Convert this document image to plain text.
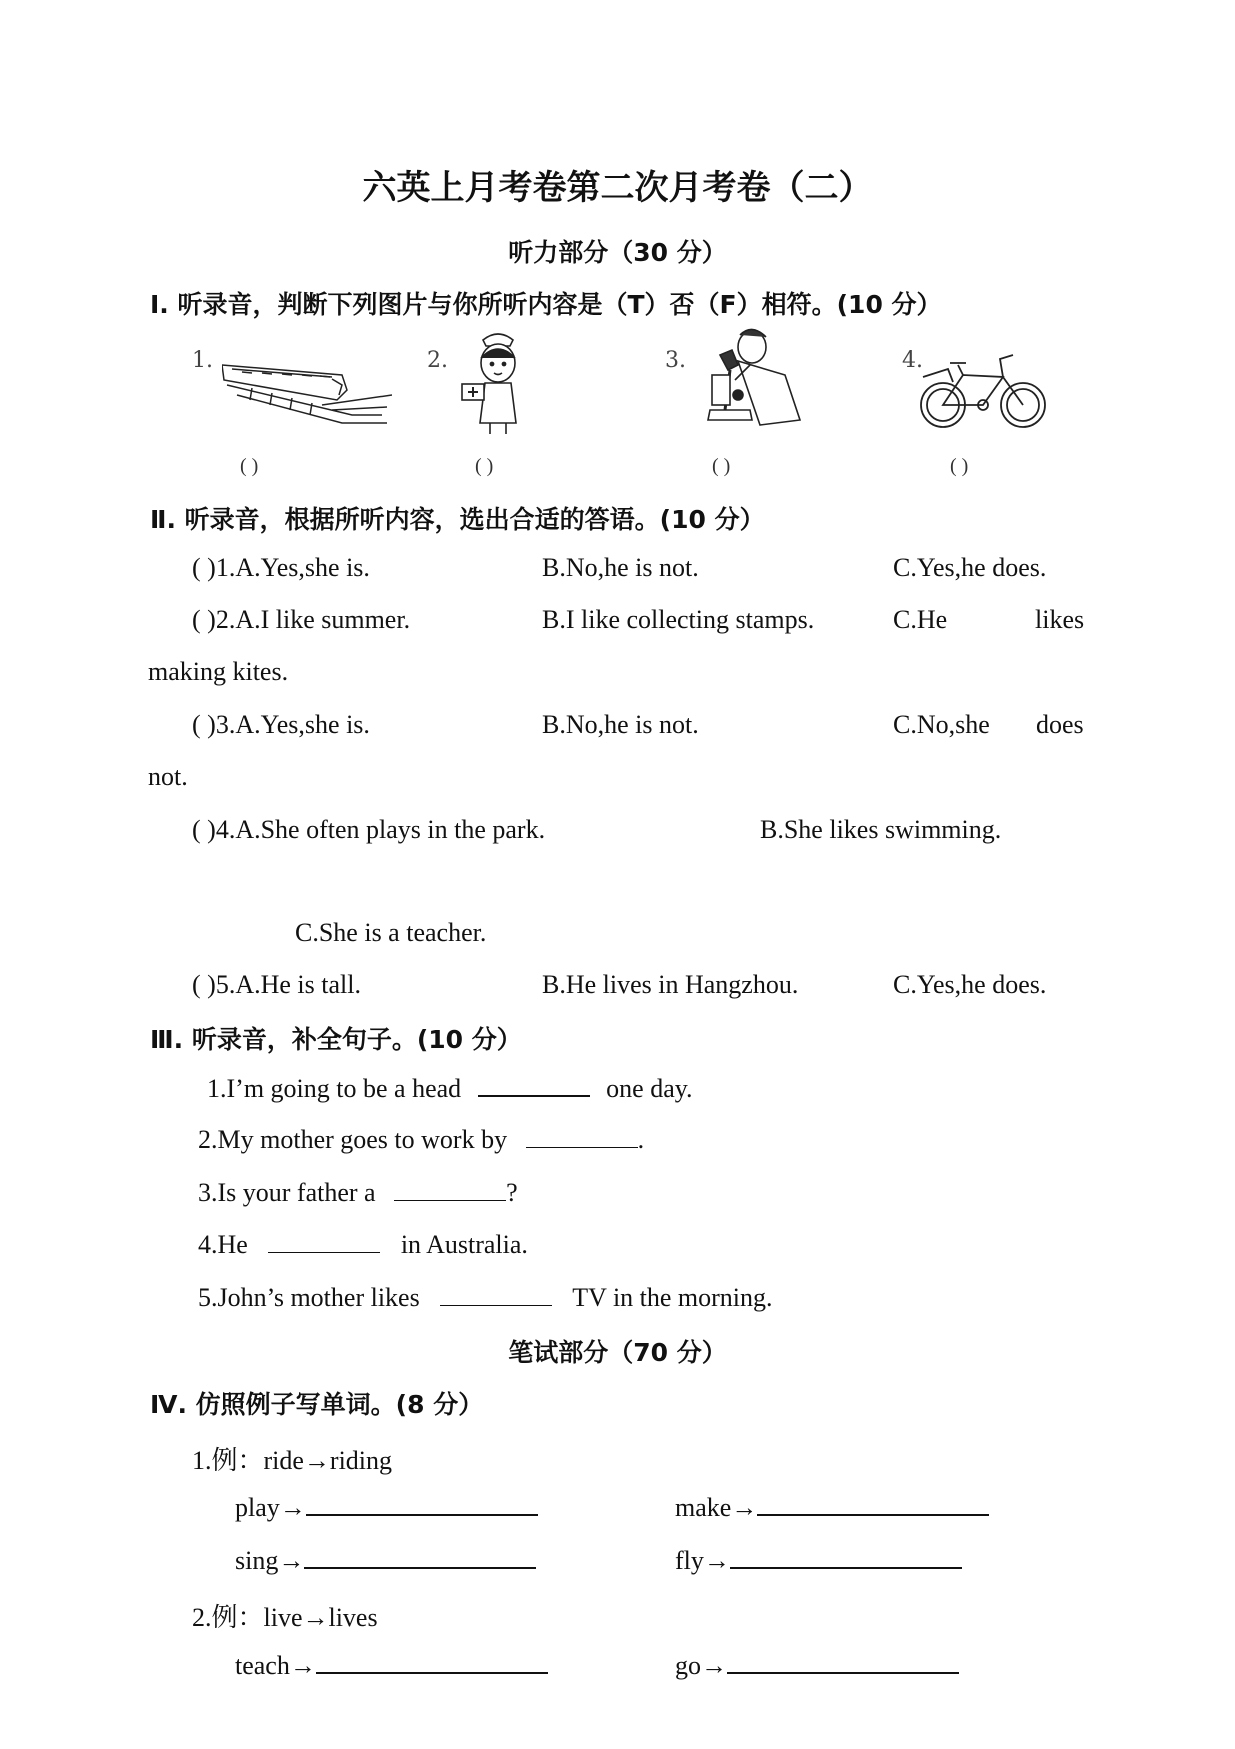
六英上月考卷第二次月考卷（二）
听力部分（30 分）
Ⅰ. 听录音，判断下列图片与你所听内容是（T）否（F）相符。(10 分）
1.	2.	3.	4.
( )	( )	( )	( )
Ⅱ. 听录音，根据所听内容，选出合适的答语。(10 分）
( )1.A.Yes,she is.	B.No,he is not.	C.Yes,he does.
( )2.A.I like summer.	B.I like collecting stamps.	C.He	likes
making kites.
( )3.A.Yes,she is.	B.No,he is not.	C.No,she does
not.
( )4.A.She often plays in the park.	B.She likes swimming.
C.She is a teacher.
( )5.A.He is tall.	B.He lives in Hangzhou.	C.Yes,he does.
Ⅲ. 听录音，补全句子。(10 分）
1.I’m going to be a head	one day.
2.My mother goes to work by	.
3.Is your father a	?
4.He	in Australia.
5.John’s mother likes	TV in the morning.
笔试部分（70 分）
Ⅳ. 仿照例子写单词。(8 分）
1.例：ride→riding
play→	make→
sing→	fly→
2.例：live→lives
teach→	go→
